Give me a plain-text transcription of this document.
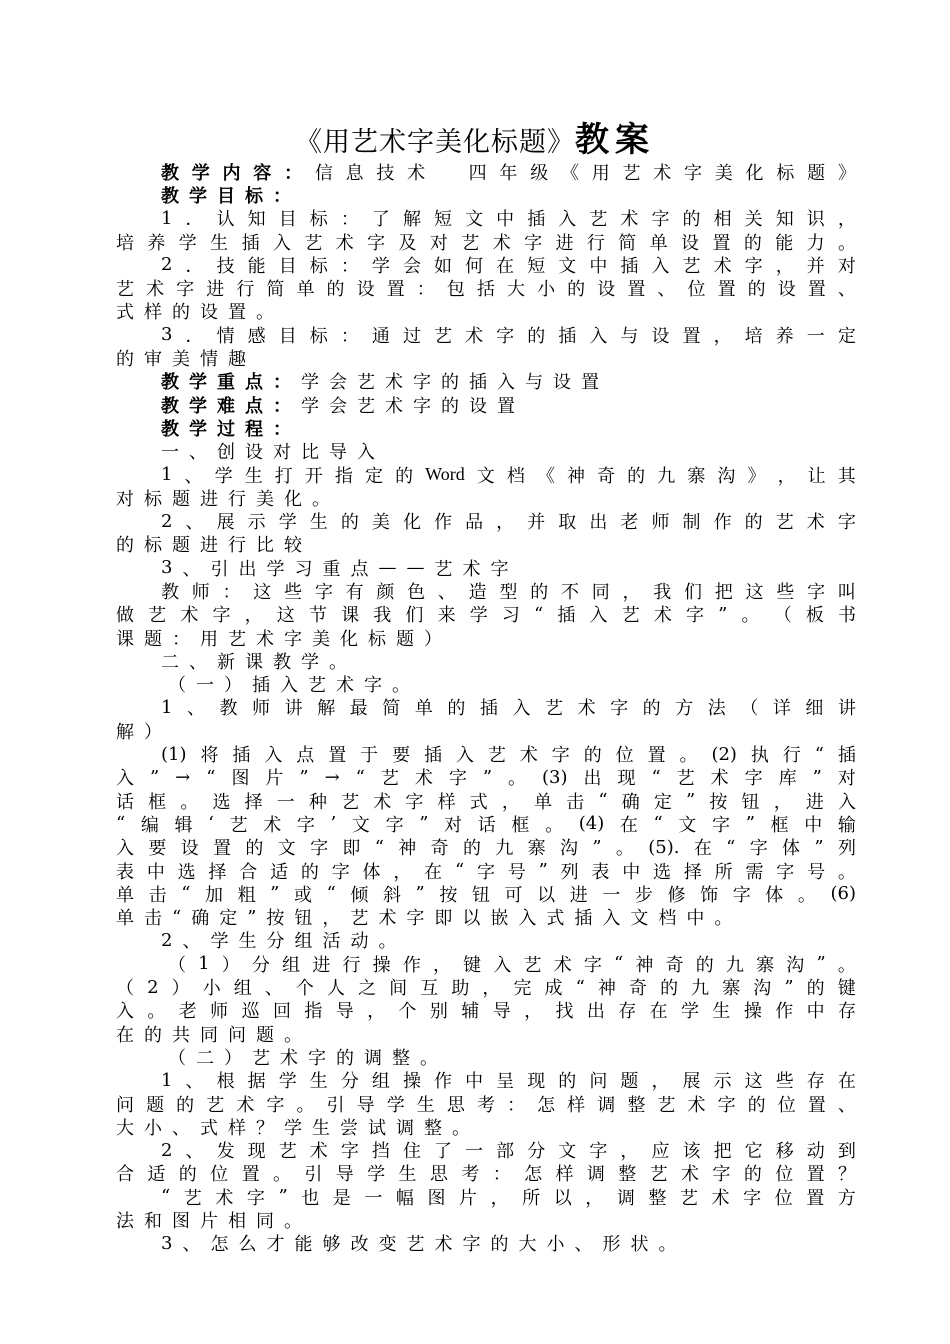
《用艺术字美化标题》教案
教 学 内 容 ： 信 息 技 术
　 四 年 级 《 用 艺 术 字 美 化 标 题 》
教 学 目 标 ：
1 ． 认 知 目 标 ： 了 解 短 文 中 插 入 艺 术 字 的 相 关 知 识 ，
培 养 学 生 插 入 艺 术 字 及 对 艺 术 字 进 行 简 单 设 置 的 能 力 。
2 ． 技 能 目 标 ： 学 会 如 何 在 短 文 中 插 入 艺 术 字 ， 并 对
艺 术 字 进 行 简 单 的 设 置 ： 包 括 大 小 的 设 置 、 位 置 的 设 置 、
式 样 的 设 置 。
3 ． 情 感 目 标 ： 通 过 艺 术 字 的 插 入 与 设 置 ， 培 养 一 定
的 审 美 情 趣
教 学 重 点 ： 学 会 艺 术 字 的 插 入 与 设 置
教 学 难 点 ： 学 会 艺 术 字 的 设 置
教 学 过 程 ：
一 、 创 设 对 比 导 入
1 、 学 生 打 开 指 定 的 Word 文 档 《 神 奇 的 九 寨 沟 》 ， 让 其
对 标 题 进 行 美 化 。
2 、 展 示 学 生 的 美 化 作 品 ， 并 取 出 老 师 制 作 的 艺 术 字
的 标 题 进 行 比 较
3 、 引 出 学 习 重 点 — — 艺 术 字
教 师 ： 这 些 字 有 颜 色 、 造 型 的 不 同 ， 我 们 把 这 些 字 叫
做 艺 术 字 ， 这 节 课 我 们 来 学 习 “ 插 入 艺 术 字 ” 。 （ 板 书
课 题 ： 用 艺 术 字 美 化 标 题 ）
二 、 新 课 教 学 。
（ 一 ） 插 入 艺 术 字 。
1 、 教 师 讲 解 最 简 单 的 插 入 艺 术 字 的 方 法 （ 详 细 讲
解 ）
(1) 将 插 入 点 置 于 要 插 入 艺 术 字 的 位 置 。 (2) 执 行 “ 插
入 ” → “ 图 片 ” → “ 艺 术 字 ” 。 (3) 出 现 “ 艺 术 字 库 ” 对
话 框 。 选 择 一 种 艺 术 字 样 式 ， 单 击 “ 确 定 ” 按 钮 ， 进 入
“ 编 辑 ‘ 艺 术 字 ’ 文 字 ” 对 话 框 。 (4) 在 “ 文 字 ” 框 中 输
入 要 设 置 的 文 字 即 “ 神 奇 的 九 寨 沟 ” 。 (5). 在 “ 字 体 ” 列
表 中 选 择 合 适 的 字 体 ， 在 “ 字 号 ” 列 表 中 选 择 所 需 字 号 。
单 击 “ 加 粗 ” 或 “ 倾 斜 ” 按 钮 可 以 进 一 步 修 饰 字 体 。 (6)
单 击 “ 确 定 ” 按 钮 ， 艺 术 字 即 以 嵌 入 式 插 入 文 档 中 。
2 、 学 生 分 组 活 动 。
（ 1 ） 分 组 进 行 操 作 ， 键 入 艺 术 字 “ 神 奇 的 九 寨 沟 ” 。
（ 2 ） 小 组 、 个 人 之 间 互 助 ， 完 成 “ 神 奇 的 九 寨 沟 ” 的 键
入 。 老 师 巡 回 指 导 ， 个 别 辅 导 ， 找 出 存 在 学 生 操 作 中 存
在 的 共 同 问 题 。
（ 二 ） 艺 术 字 的 调 整 。
1 、 根 据 学 生 分 组 操 作 中 呈 现 的 问 题 ， 展 示 这 些 存 在
问 题 的 艺 术 字 。 引 导 学 生 思 考 ： 怎 样 调 整 艺 术 字 的 位 置 、
大 小 、 式 样 ？ 学 生 尝 试 调 整 。
2 、 发 现 艺 术 字 挡 住 了 一 部 分 文 字 ， 应 该 把 它 移 动 到
合 适 的 位 置 。 引 导 学 生 思 考 ： 怎 样 调 整 艺 术 字 的 位 置 ？
“ 艺 术 字 ” 也 是 一 幅 图 片 ， 所 以 ， 调 整 艺 术 字 位 置 方
法 和 图 片 相 同 。
3 、 怎 么 才 能 够 改 变 艺 术 字 的 大 小 、 形 状 。
